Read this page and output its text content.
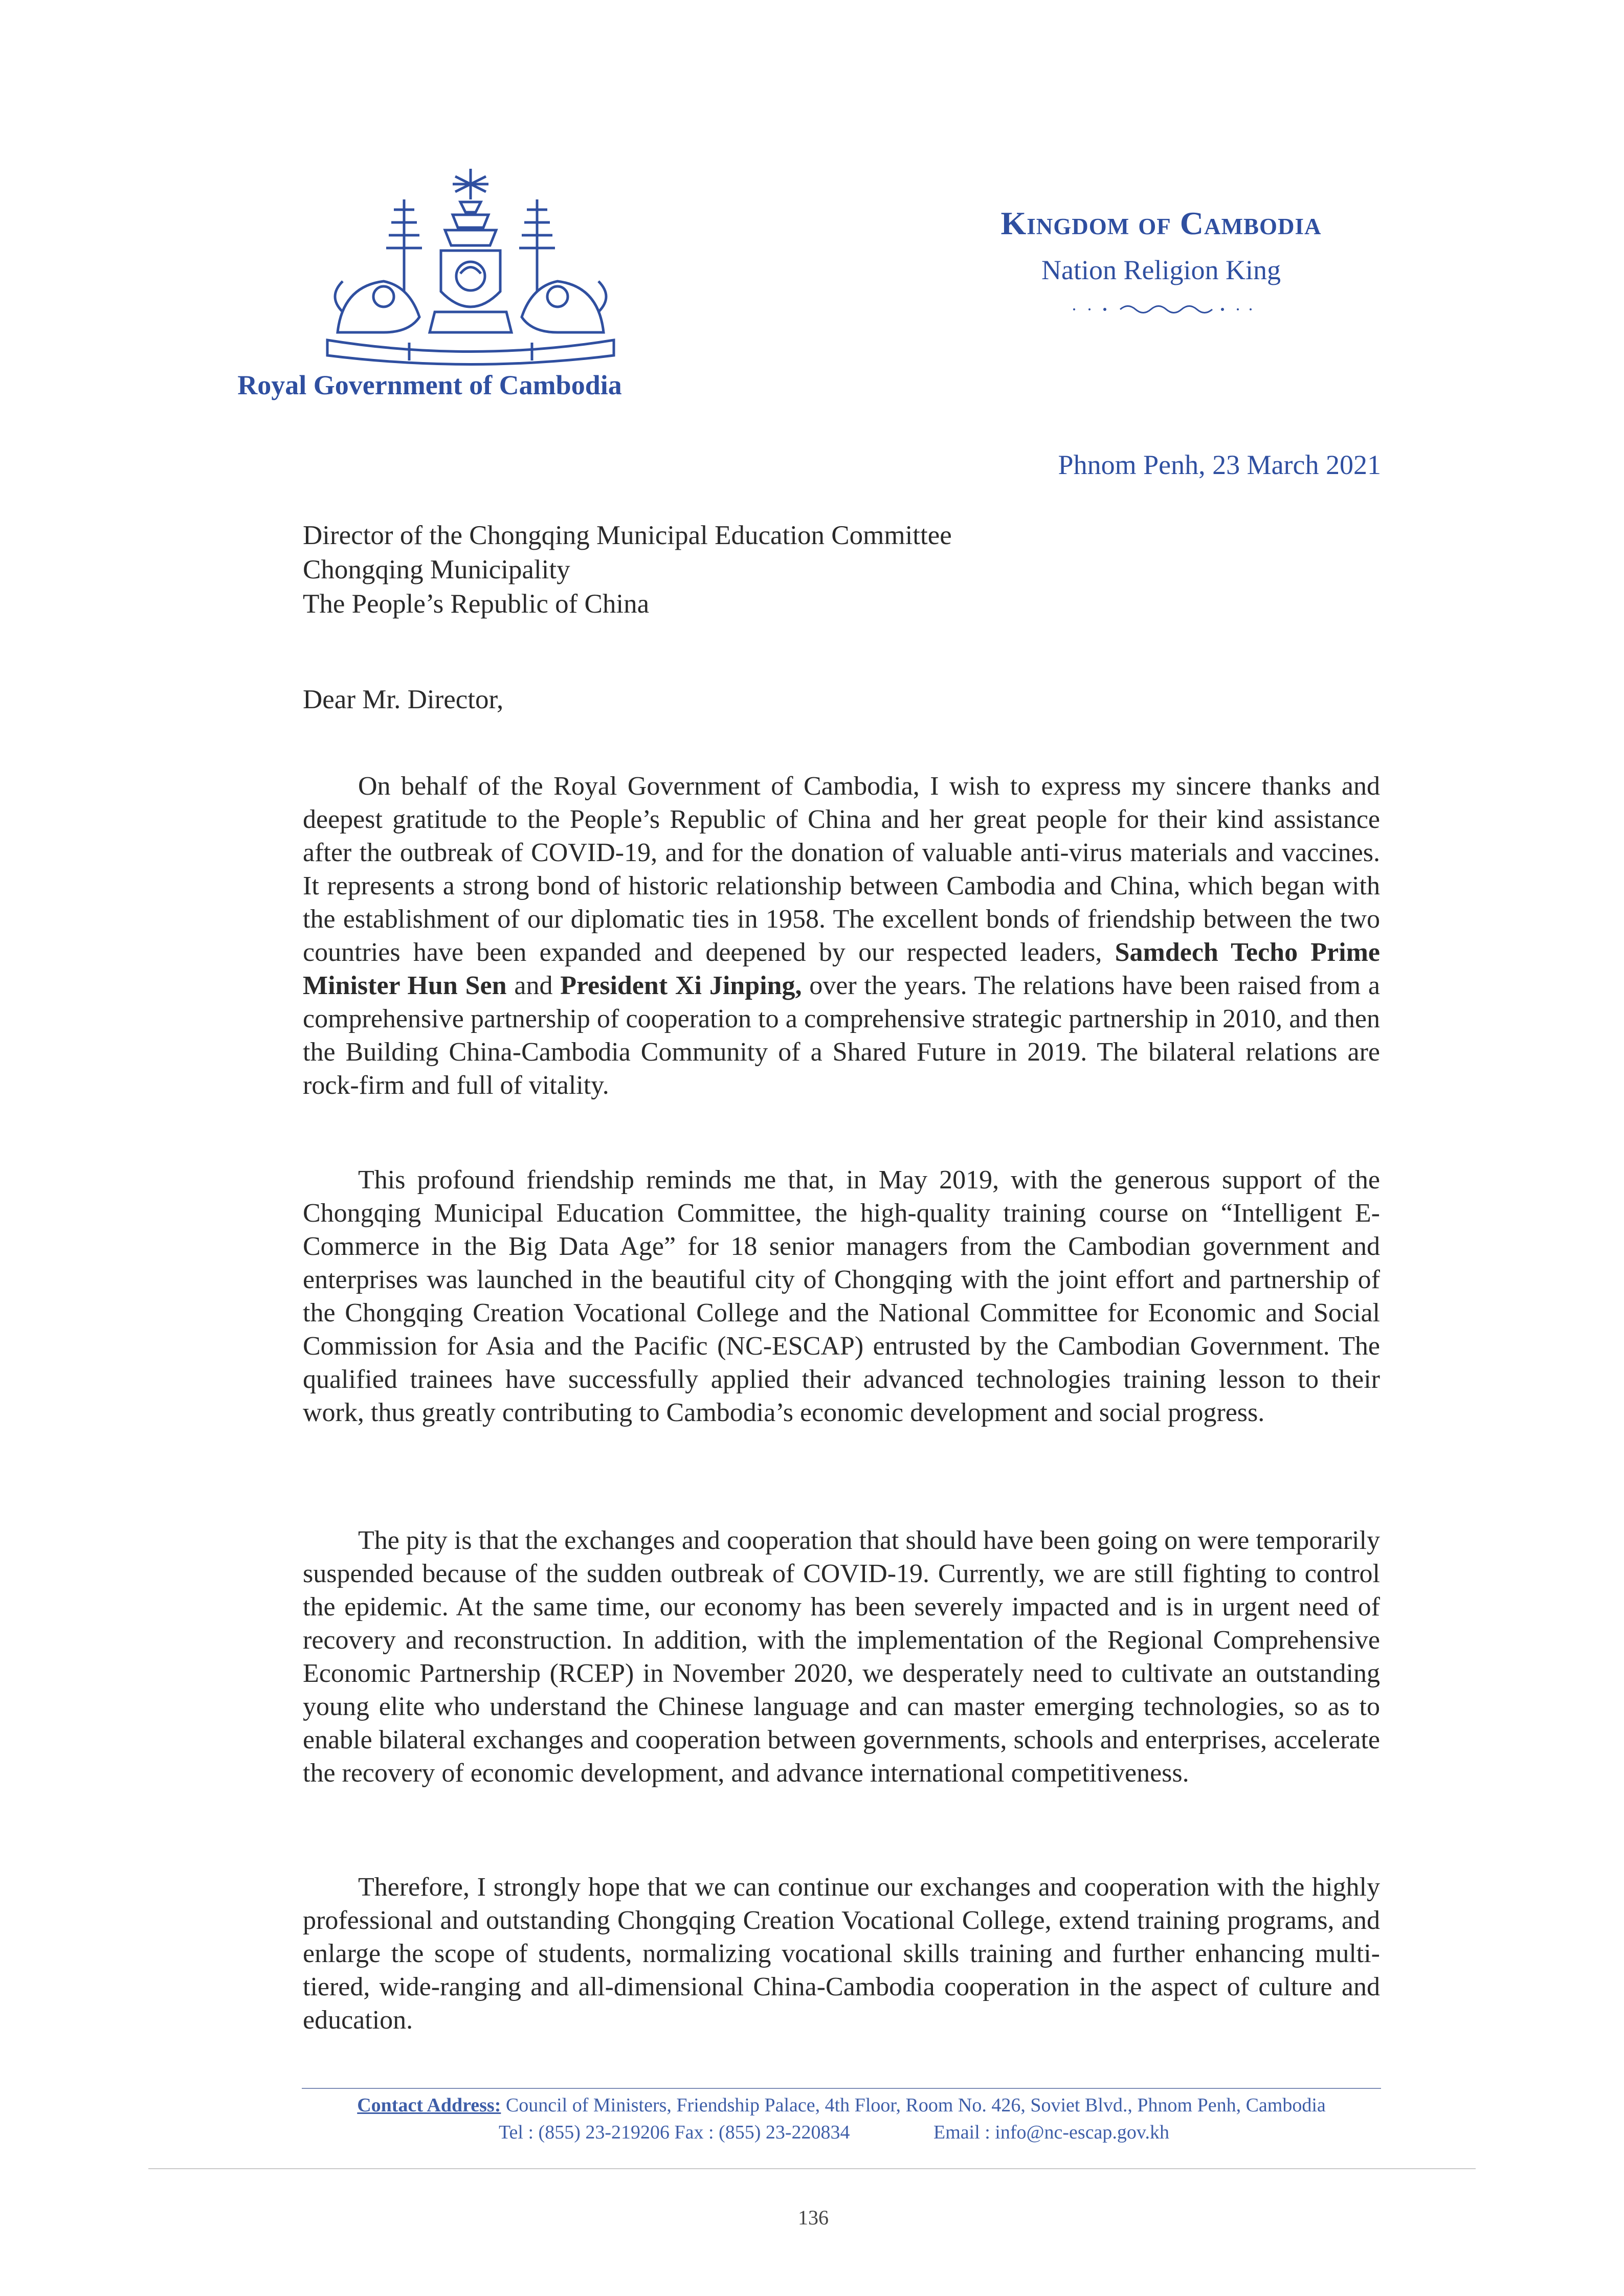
Royal Government of Cambodia
Kingdom of Cambodia
Nation Religion King
Phnom Penh, 23 March 2021
Director of the Chongqing Municipal Education Committee
Chongqing Municipality
The People’s Republic of China
Dear Mr. Director,

On behalf of the Royal Government of Cambodia, I wish to express my sincere thanks and deepest gratitude to the People’s Republic of China and her great people for their kind assistance after the outbreak of COVID-19, and for the donation of valuable anti-virus materials and vaccines. It represents a strong bond of historic relationship between Cambodia and China, which began with the establishment of our diplomatic ties in 1958. The excellent bonds of friendship between the two countries have been expanded and deepened by our respected leaders, Samdech Techo Prime Minister Hun Sen and President Xi Jinping, over the years. The relations have been raised from a comprehensive partnership of cooperation to a comprehensive strategic partnership in 2010, and then the Building China-Cambodia Community of a Shared Future in 2019. The bilateral relations are rock-firm and full of vitality.

This profound friendship reminds me that, in May 2019, with the generous support of the Chongqing Municipal Education Committee, the high-quality training course on “Intelligent E-Commerce in the Big Data Age” for 18 senior managers from the Cambodian government and enterprises was launched in the beautiful city of Chongqing with the joint effort and partnership of the Chongqing Creation Vocational College and the National Committee for Economic and Social Commission for Asia and the Pacific (NC-ESCAP) entrusted by the Cambodian Government. The qualified trainees have successfully applied their advanced technologies training lesson to their work, thus greatly contributing to Cambodia’s economic development and social progress.

The pity is that the exchanges and cooperation that should have been going on were temporarily suspended because of the sudden outbreak of COVID-19. Currently, we are still fighting to control the epidemic. At the same time, our economy has been severely impacted and is in urgent need of recovery and reconstruction. In addition, with the implementation of the Regional Comprehensive Economic Partnership (RCEP) in November 2020, we desperately need to cultivate an outstanding young elite who understand the Chinese language and can master emerging technologies, so as to enable bilateral exchanges and cooperation between governments, schools and enterprises, accelerate the recovery of economic development, and advance international competitiveness.

Therefore, I strongly hope that we can continue our exchanges and cooperation with the highly professional and outstanding Chongqing Creation Vocational College, extend training programs, and enlarge the scope of students, normalizing vocational skills training and further enhancing multi-tiered, wide-ranging and all-dimensional China-Cambodia cooperation in the aspect of culture and education.

Contact Address: Council of Ministers, Friendship Palace, 4th Floor, Room No. 426, Soviet Blvd., Phnom Penh, Cambodia
Tel : (855) 23-219206 Fax : (855) 23-220834	Email : info@nc-escap.gov.kh
136
